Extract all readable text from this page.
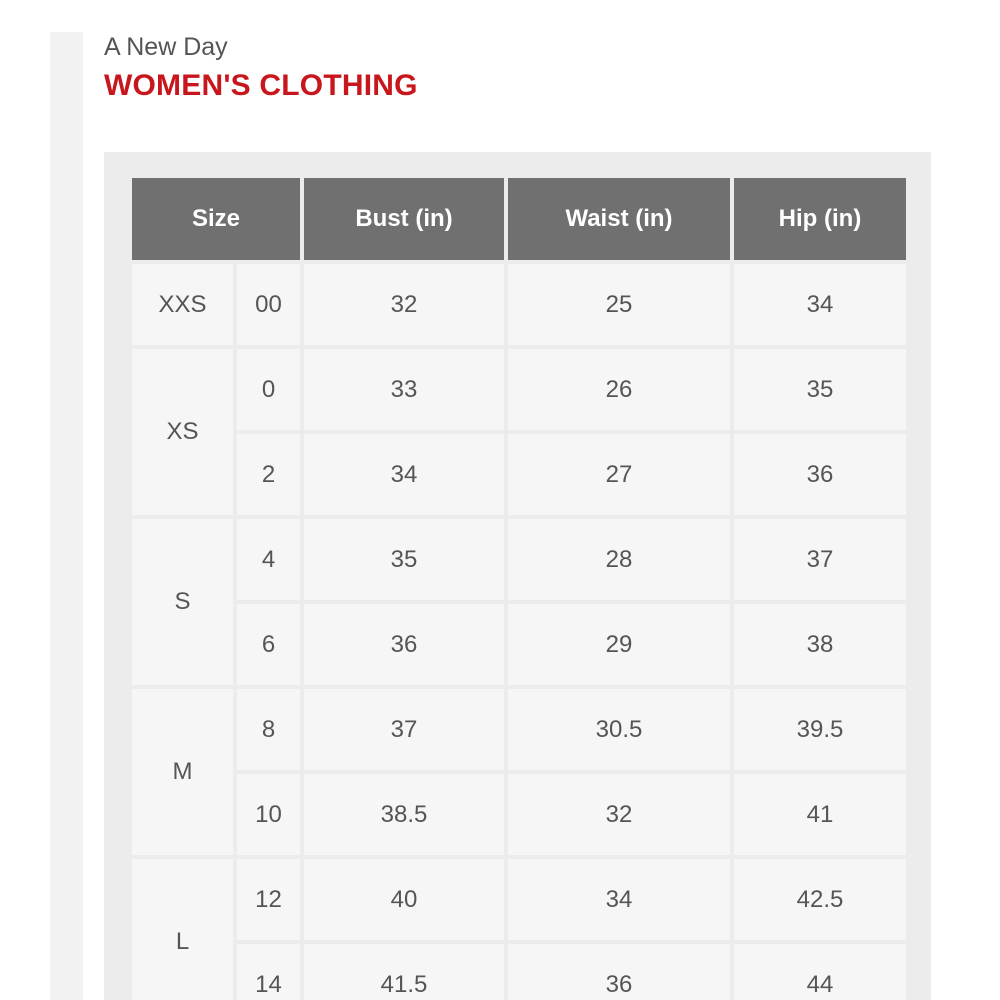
A New Day
WOMEN'S CLOTHING
Size		Bust (in)	Waist (in)	Hip (in)
XXS	00	32	25	34
XS	0	33	26	35
	2	34	27	36
S	4	35	28	37
	6	36	29	38
M	8	37	30.5	39.5
	10	38.5	32	41
L	12	40	34	42.5
	14	41.5	36	44
